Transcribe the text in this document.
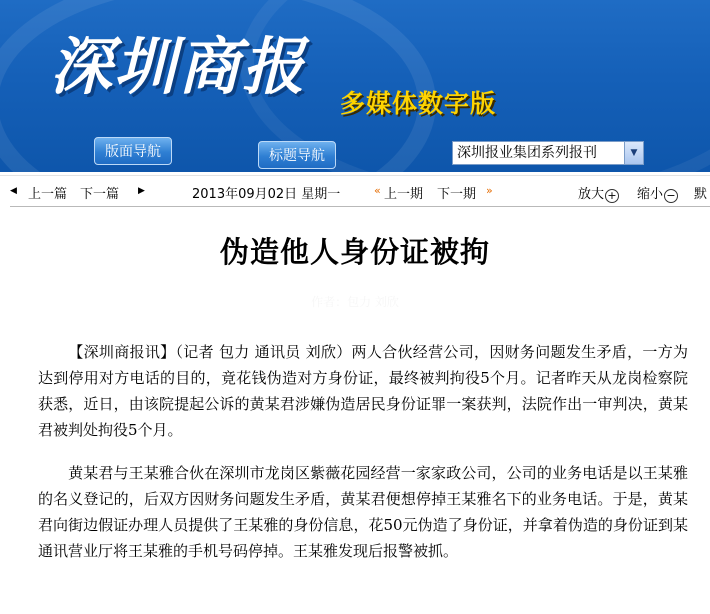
深圳商报
多媒体数字版
版面导航	标题导航	深圳报业集团系列报刊	▼
◀ 上一篇 下一篇 ▶	2013年09月02日 星期一	« 上一期 下一期 »	放大 + 缩小 − 默
伪造他人身份证被拘
作者：包力 刘欣

【深圳商报讯】（记者 包力 通讯员 刘欣）两人合伙经营公司，因财务问题发生矛盾，一方为达到停用对方电话的目的，竟花钱伪造对方身份证，最终被判拘役5个月。记者昨天从龙岗检察院获悉，近日，由该院提起公诉的黄某君涉嫌伪造居民身份证罪一案获判，法院作出一审判决，黄某君被判处拘役5个月。

黄某君与王某雅合伙在深圳市龙岗区紫薇花园经营一家家政公司，公司的业务电话是以王某雅的名义登记的，后双方因财务问题发生矛盾，黄某君便想停掉王某雅名下的业务电话。于是，黄某君向街边假证办理人员提供了王某雅的身份信息，花50元伪造了身份证，并拿着伪造的身份证到某通讯营业厅将王某雅的手机号码停掉。王某雅发现后报警被抓。
